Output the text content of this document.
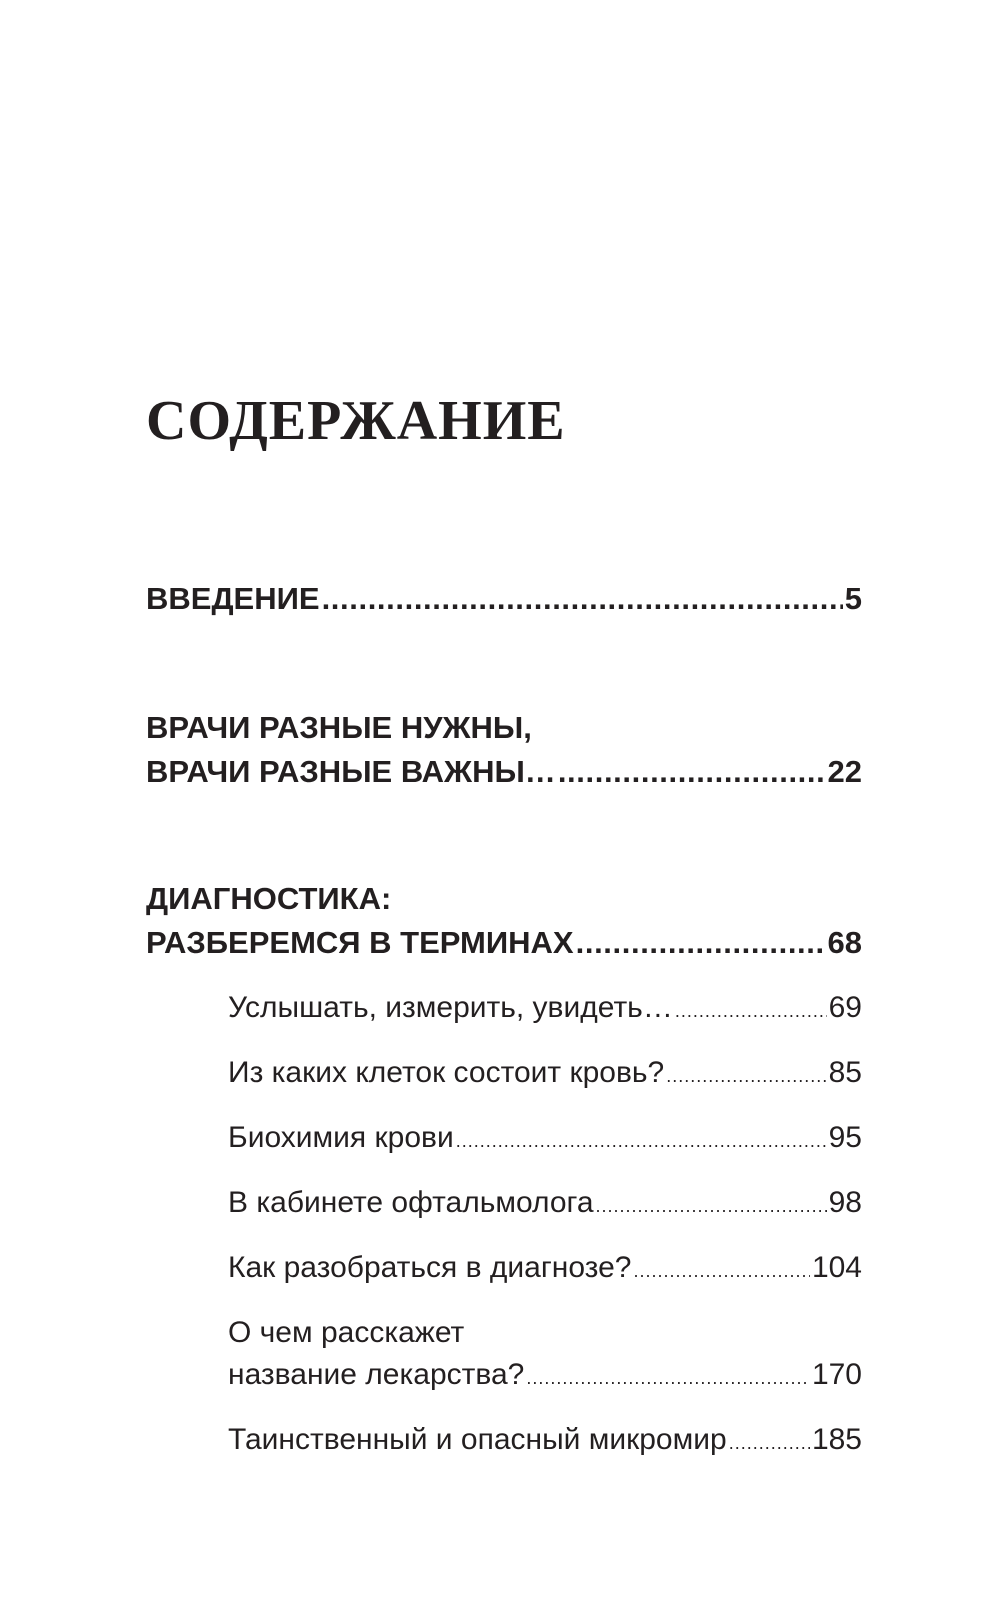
СОДЕРЖАНИЕ
ВВЕДЕНИЕ . . .	5
ВРАЧИ РАЗНЫЕ НУЖНЫ,
ВРАЧИ РАЗНЫЕ ВАЖНЫ… . . .	22
ДИАГНОСТИКА:
РАЗБЕРЕМСЯ В ТЕРМИНАХ . . .	68
Услышать, измерить, увидеть… . . .	69
Из каких клеток состоит кровь? . . .	85
Биохимия крови . . .	95
В кабинете офтальмолога . . .	98
Как разобраться в диагнозе? . . .	104
О чем расскажет
название лекарства? . . .	170
Таинственный и опасный микромир . . .	185
